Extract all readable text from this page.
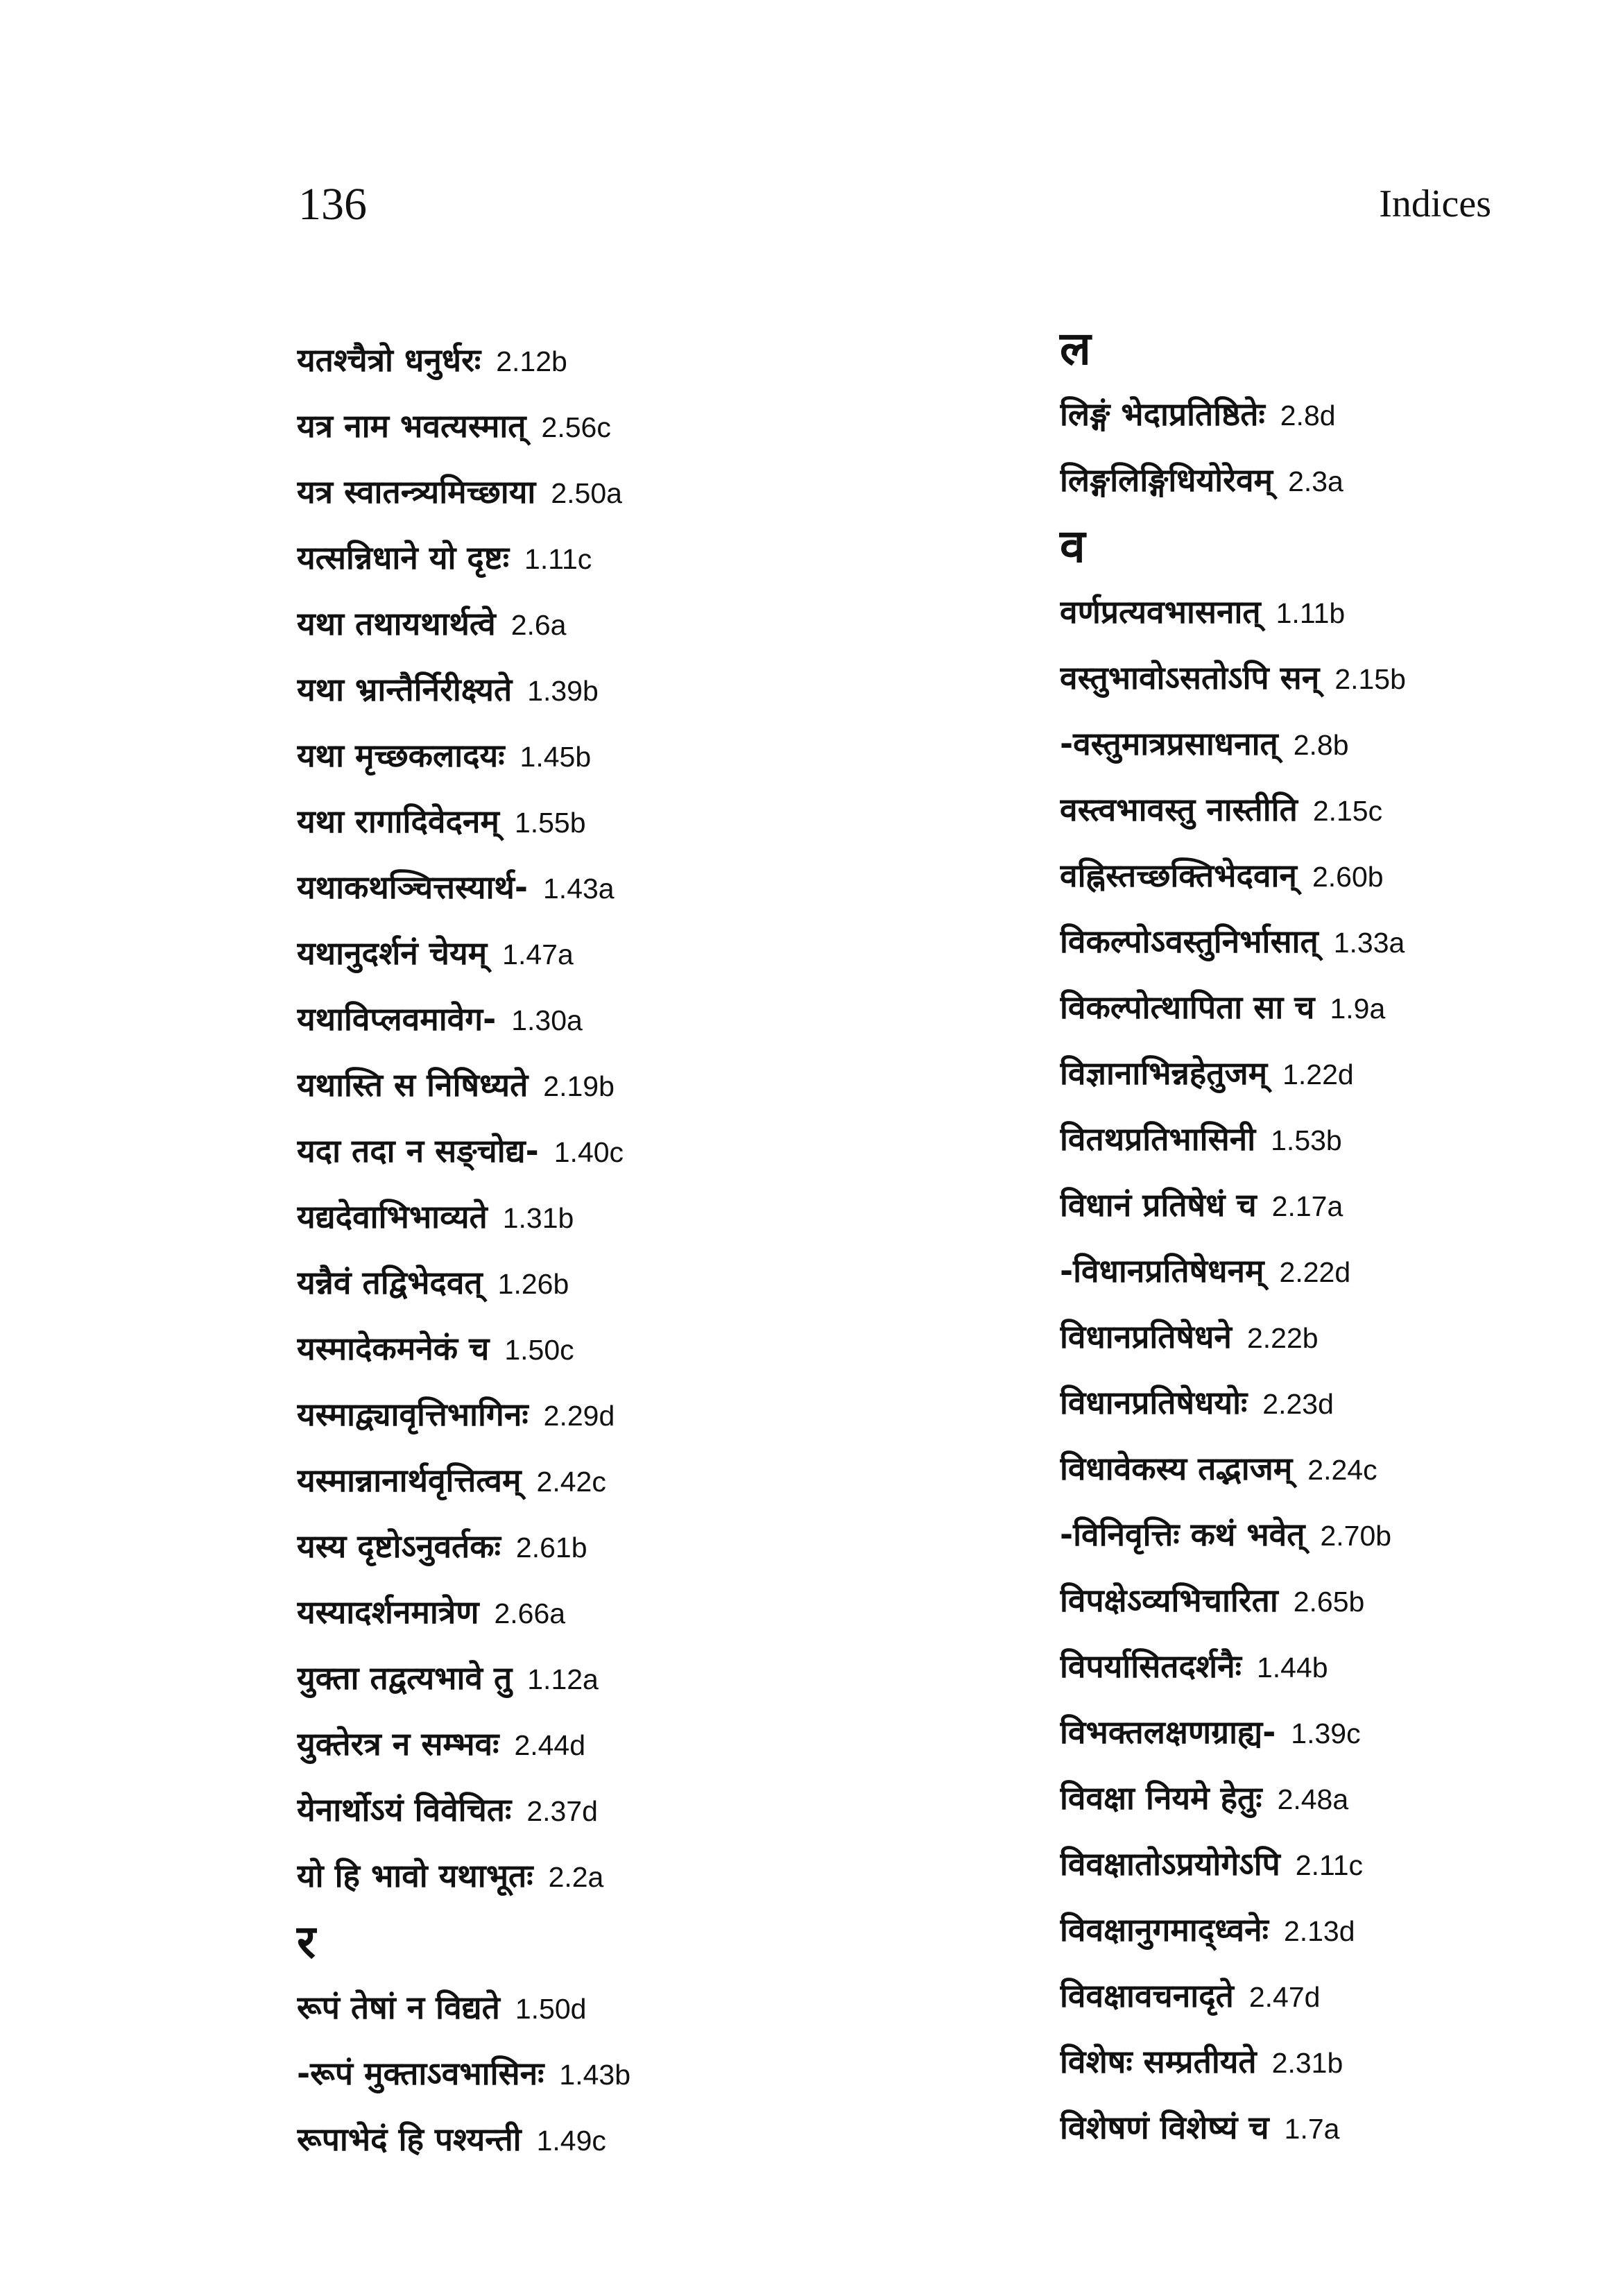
136	Indices
यतश्चैत्रो धनुर्धरः 2.12b
यत्र नाम भवत्यस्मात् 2.56c
यत्र स्वातन्त्र्यमिच्छाया 2.50a
यत्सन्निधाने यो दृष्टः 1.11c
यथा तथायथार्थत्वे 2.6a
यथा भ्रान्तैर्निरीक्ष्यते 1.39b
यथा मृच्छकलादयः 1.45b
यथा रागादिवेदनम् 1.55b
यथाकथञ्चित्तस्यार्थ- 1.43a
यथानुदर्शनं चेयम् 1.47a
यथाविप्लवमावेग- 1.30a
यथास्ति स निषिध्यते 2.19b
यदा तदा न सङ्चोद्य- 1.40c
यद्यदेवाभिभाव्यते 1.31b
यन्नैवं तद्विभेदवत् 1.26b
यस्मादेकमनेकं च 1.50c
यस्माद्व्यावृत्तिभागिनः 2.29d
यस्मान्नानार्थवृत्तित्वम् 2.42c
यस्य दृष्टोऽनुवर्तकः 2.61b
यस्यादर्शनमात्रेण 2.66a
युक्ता तद्वत्यभावे तु 1.12a
युक्तेरत्र न सम्भवः 2.44d
येनार्थोऽयं विवेचितः 2.37d
यो हि भावो यथाभूतः 2.2a
र
रूपं तेषां न विद्यते 1.50d
-रूपं मुक्ताऽवभासिनः 1.43b
रूपाभेदं हि पश्यन्ती 1.49c
ल
लिङ्गं भेदाप्रतिष्ठितेः 2.8d
लिङ्गलिङ्गिधियोरेवम् 2.3a
व
वर्णप्रत्यवभासनात् 1.11b
वस्तुभावोऽसतोऽपि सन् 2.15b
-वस्तुमात्रप्रसाधनात् 2.8b
वस्त्वभावस्तु नास्तीति 2.15c
वह्निस्तच्छक्तिभेदवान् 2.60b
विकल्पोऽवस्तुनिर्भासात् 1.33a
विकल्पोत्थापिता सा च 1.9a
विज्ञानाभिन्नहेतुजम् 1.22d
वितथप्रतिभासिनी 1.53b
विधानं प्रतिषेधं च 2.17a
-विधानप्रतिषेधनम् 2.22d
विधानप्रतिषेधने 2.22b
विधानप्रतिषेधयोः 2.23d
विधावेकस्य तद्भाजम् 2.24c
-विनिवृत्तिः कथं भवेत् 2.70b
विपक्षेऽव्यभिचारिता 2.65b
विपर्यासितदर्शनैः 1.44b
विभक्तलक्षणग्राह्य- 1.39c
विवक्षा नियमे हेतुः 2.48a
विवक्षातोऽप्रयोगेऽपि 2.11c
विवक्षानुगमाद्ध्वनेः 2.13d
विवक्षावचनादृते 2.47d
विशेषः सम्प्रतीयते 2.31b
विशेषणं विशेष्यं च 1.7a
